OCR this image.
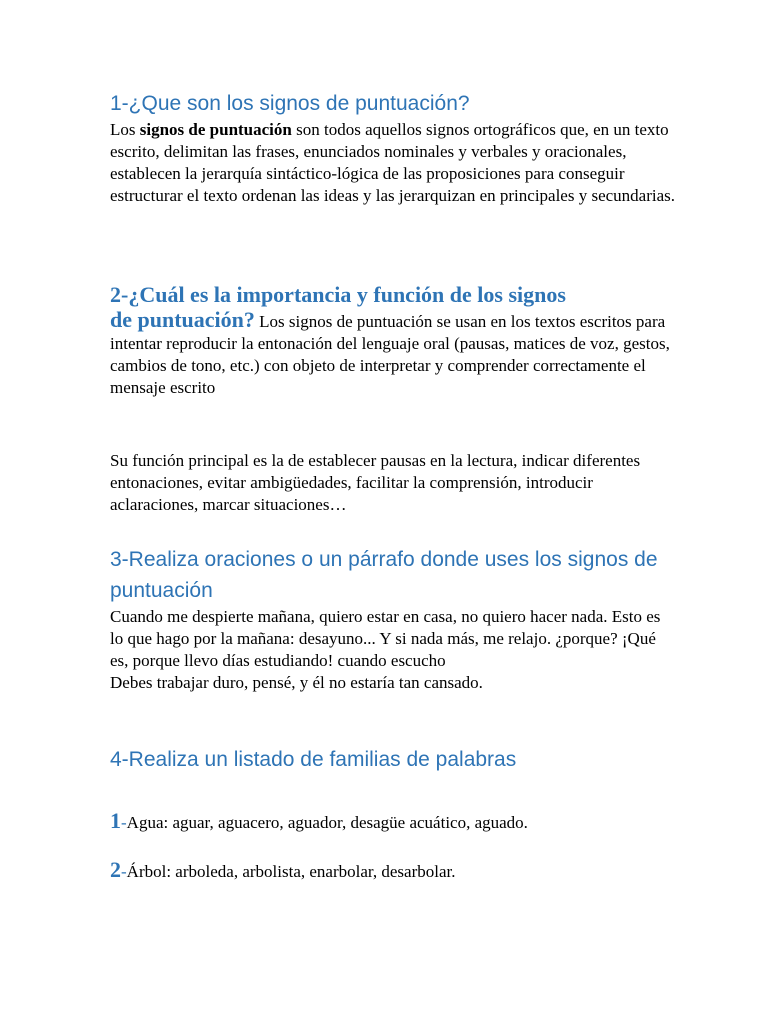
1-¿Que son los signos de puntuación?

Los signos de puntuación son todos aquellos signos ortográficos que, en un texto escrito, delimitan las frases, enunciados nominales y verbales y oracionales, establecen la jerarquía sintáctico-lógica de las proposiciones para conseguir estructurar el texto ordenan las ideas y las jerarquizan en principales y secundarias.

2-¿Cuál es la importancia y función de los signos

de puntuación? Los signos de puntuación se usan en los textos escritos para intentar reproducir la entonación del lenguaje oral (pausas, matices de voz, gestos, cambios de tono, etc.) con objeto de interpretar y comprender correctamente el mensaje escrito

Su función principal es la de establecer pausas en la lectura, indicar diferentes entonaciones, evitar ambigüedades, facilitar la comprensión, introducir aclaraciones, marcar situaciones…

3-Realiza oraciones o un párrafo donde uses los signos de puntuación

Cuando me despierte mañana, quiero estar en casa, no quiero hacer nada. Esto es lo que hago por la mañana: desayuno... Y si nada más, me relajo. ¿porque? ¡Qué es, porque llevo días estudiando! cuando escucho

Debes trabajar duro, pensé, y él no estaría tan cansado.

4-Realiza un listado de familias de palabras
1-Agua: aguar, aguacero, aguador, desagüe acuático, aguado.
2-Árbol: arboleda, arbolista, enarbolar, desarbolar.
